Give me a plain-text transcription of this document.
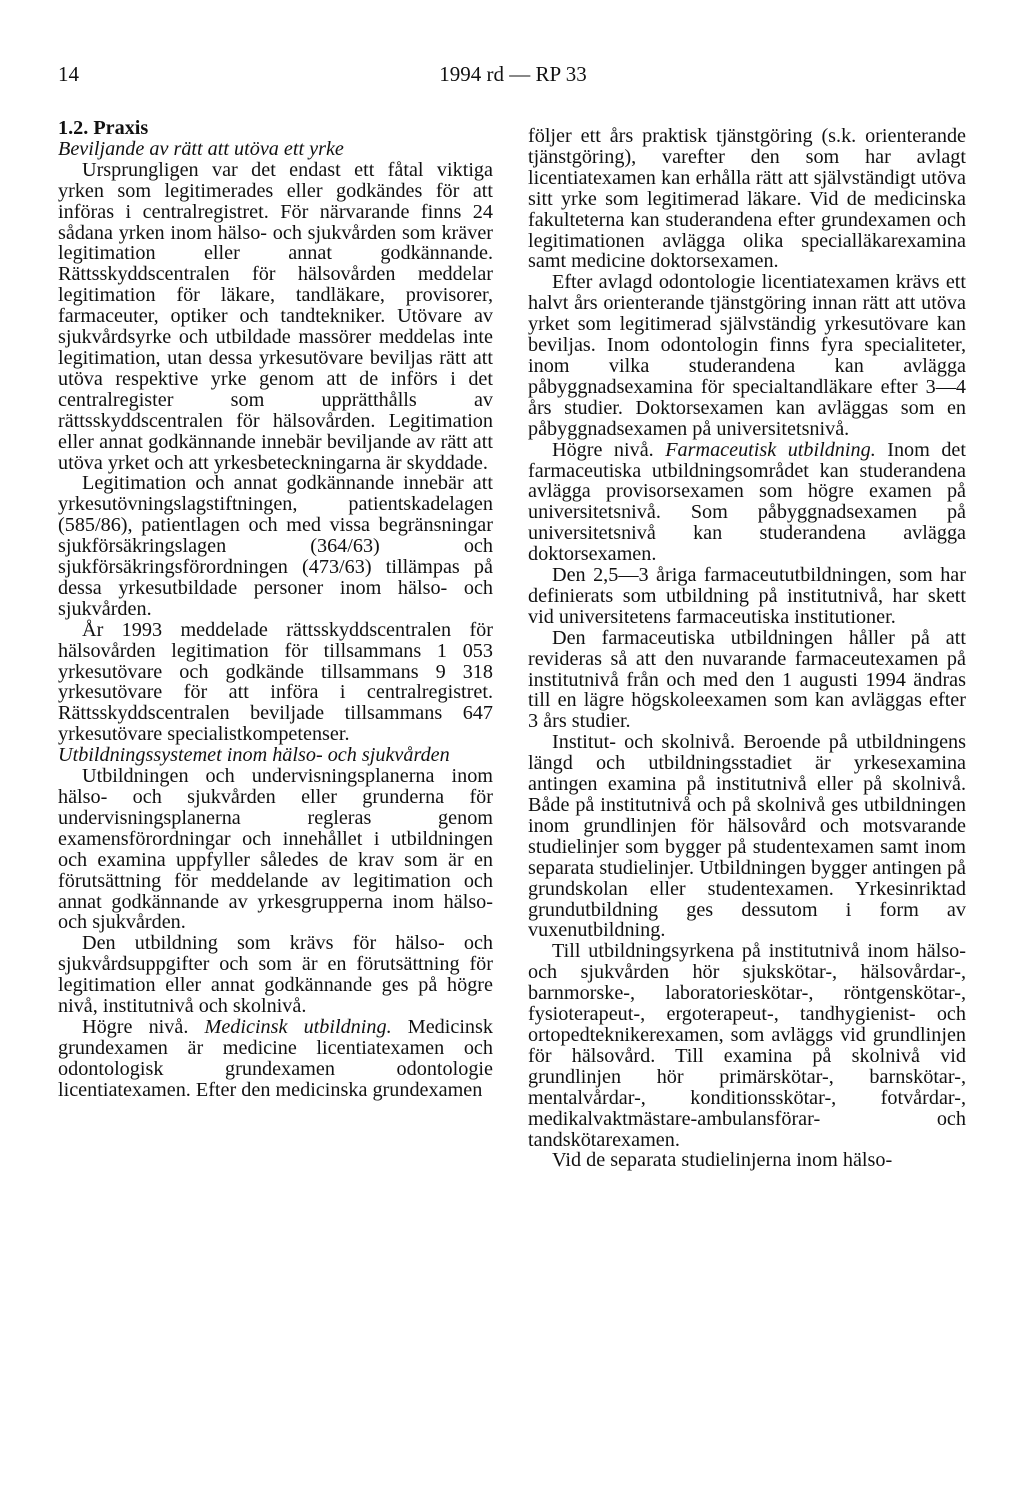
14	1994 rd — RP 33

1.2. Praxis

Beviljande av rätt att utöva ett yrke

Ursprungligen var det endast ett fåtal viktiga yrken som legitimerades eller godkändes för att införas i centralregistret. För närvarande finns 24 sådana yrken inom hälso- och sjukvården som kräver legitimation eller annat godkännande. Rättsskyddscentralen för hälsovården meddelar legitimation för läkare, tandläkare, provisorer, farmaceuter, optiker och tandtekniker. Utövare av sjukvårdsyrke och utbildade massörer meddelas inte legitimation, utan dessa yrkesutövare beviljas rätt att utöva respektive yrke genom att de införs i det centralregister som upprätthålls av rättsskyddscentralen för hälsovården. Legitimation eller annat godkännande innebär beviljande av rätt att utöva yrket och att yrkesbeteckningarna är skyddade.

Legitimation och annat godkännande innebär att yrkesutövningslagstiftningen, patientskadelagen (585/86), patientlagen och med vissa begränsningar sjukförsäkringslagen (364/63) och sjukförsäkringsförordningen (473/63) tillämpas på dessa yrkesutbildade personer inom hälso- och sjukvården.

År 1993 meddelade rättsskyddscentralen för hälsovården legitimation för tillsammans 1 053 yrkesutövare och godkände tillsammans 9 318 yrkesutövare för att införa i centralregistret. Rättsskyddscentralen beviljade tillsammans 647 yrkesutövare specialistkompetenser.

Utbildningssystemet inom hälso- och sjukvården

Utbildningen och undervisningsplanerna inom hälso- och sjukvården eller grunderna för undervisningsplanerna regleras genom examensförordningar och innehållet i utbildningen och examina uppfyller således de krav som är en förutsättning för meddelande av legitimation och annat godkännande av yrkesgrupperna inom hälso- och sjukvården.

Den utbildning som krävs för hälso- och sjukvårdsuppgifter och som är en förutsättning för legitimation eller annat godkännande ges på högre nivå, institutnivå och skolnivå.

Högre nivå. Medicinsk utbildning. Medicinsk grundexamen är medicine licentiatexamen och odontologisk grundexamen odontologie licentiatexamen. Efter den medicinska grundexamen

följer ett års praktisk tjänstgöring (s.k. orienterande tjänstgöring), varefter den som har avlagt licentiatexamen kan erhålla rätt att självständigt utöva sitt yrke som legitimerad läkare. Vid de medicinska fakulteterna kan studerandena efter grundexamen och legitimationen avlägga olika specialläkarexamina samt medicine doktorsexamen.

Efter avlagd odontologie licentiatexamen krävs ett halvt års orienterande tjänstgöring innan rätt att utöva yrket som legitimerad självständig yrkesutövare kan beviljas. Inom odontologin finns fyra specialiteter, inom vilka studerandena kan avlägga påbyggnadsexamina för specialtandläkare efter 3—4 års studier. Doktorsexamen kan avläggas som en påbyggnadsexamen på universitetsnivå.

Högre nivå. Farmaceutisk utbildning. Inom det farmaceutiska utbildningsområdet kan studerandena avlägga provisorsexamen som högre examen på universitetsnivå. Som påbyggnadsexamen på universitetsnivå kan studerandena avlägga doktorsexamen.

Den 2,5—3 åriga farmaceututbildningen, som har definierats som utbildning på institutnivå, har skett vid universitetens farmaceutiska institutioner.

Den farmaceutiska utbildningen håller på att revideras så att den nuvarande farmaceutexamen på institutnivå från och med den 1 augusti 1994 ändras till en lägre högskoleexamen som kan avläggas efter 3 års studier.

Institut- och skolnivå. Beroende på utbildningens längd och utbildningsstadiet är yrkesexamina antingen examina på institutnivå eller på skolnivå. Både på institutnivå och på skolnivå ges utbildningen inom grundlinjen för hälsovård och motsvarande studielinjer som bygger på studentexamen samt inom separata studielinjer. Utbildningen bygger antingen på grundskolan eller studentexamen. Yrkesinriktad grundutbildning ges dessutom i form av vuxenutbildning.

Till utbildningsyrkena på institutnivå inom hälso- och sjukvården hör sjukskötar-, hälsovårdar-, barnmorske-, laboratorieskötar-, röntgenskötar-, fysioterapeut-, ergoterapeut-, tandhygienist- och ortopedteknikerexamen, som avläggs vid grundlinjen för hälsovård. Till examina på skolnivå vid grundlinjen hör primärskötar-, barnskötar-, mentalvårdar-, konditionsskötar-, fotvårdar-, medikalvaktmästare-ambulansförar- och tandskötarexamen.

Vid de separata studielinjerna inom hälso-
